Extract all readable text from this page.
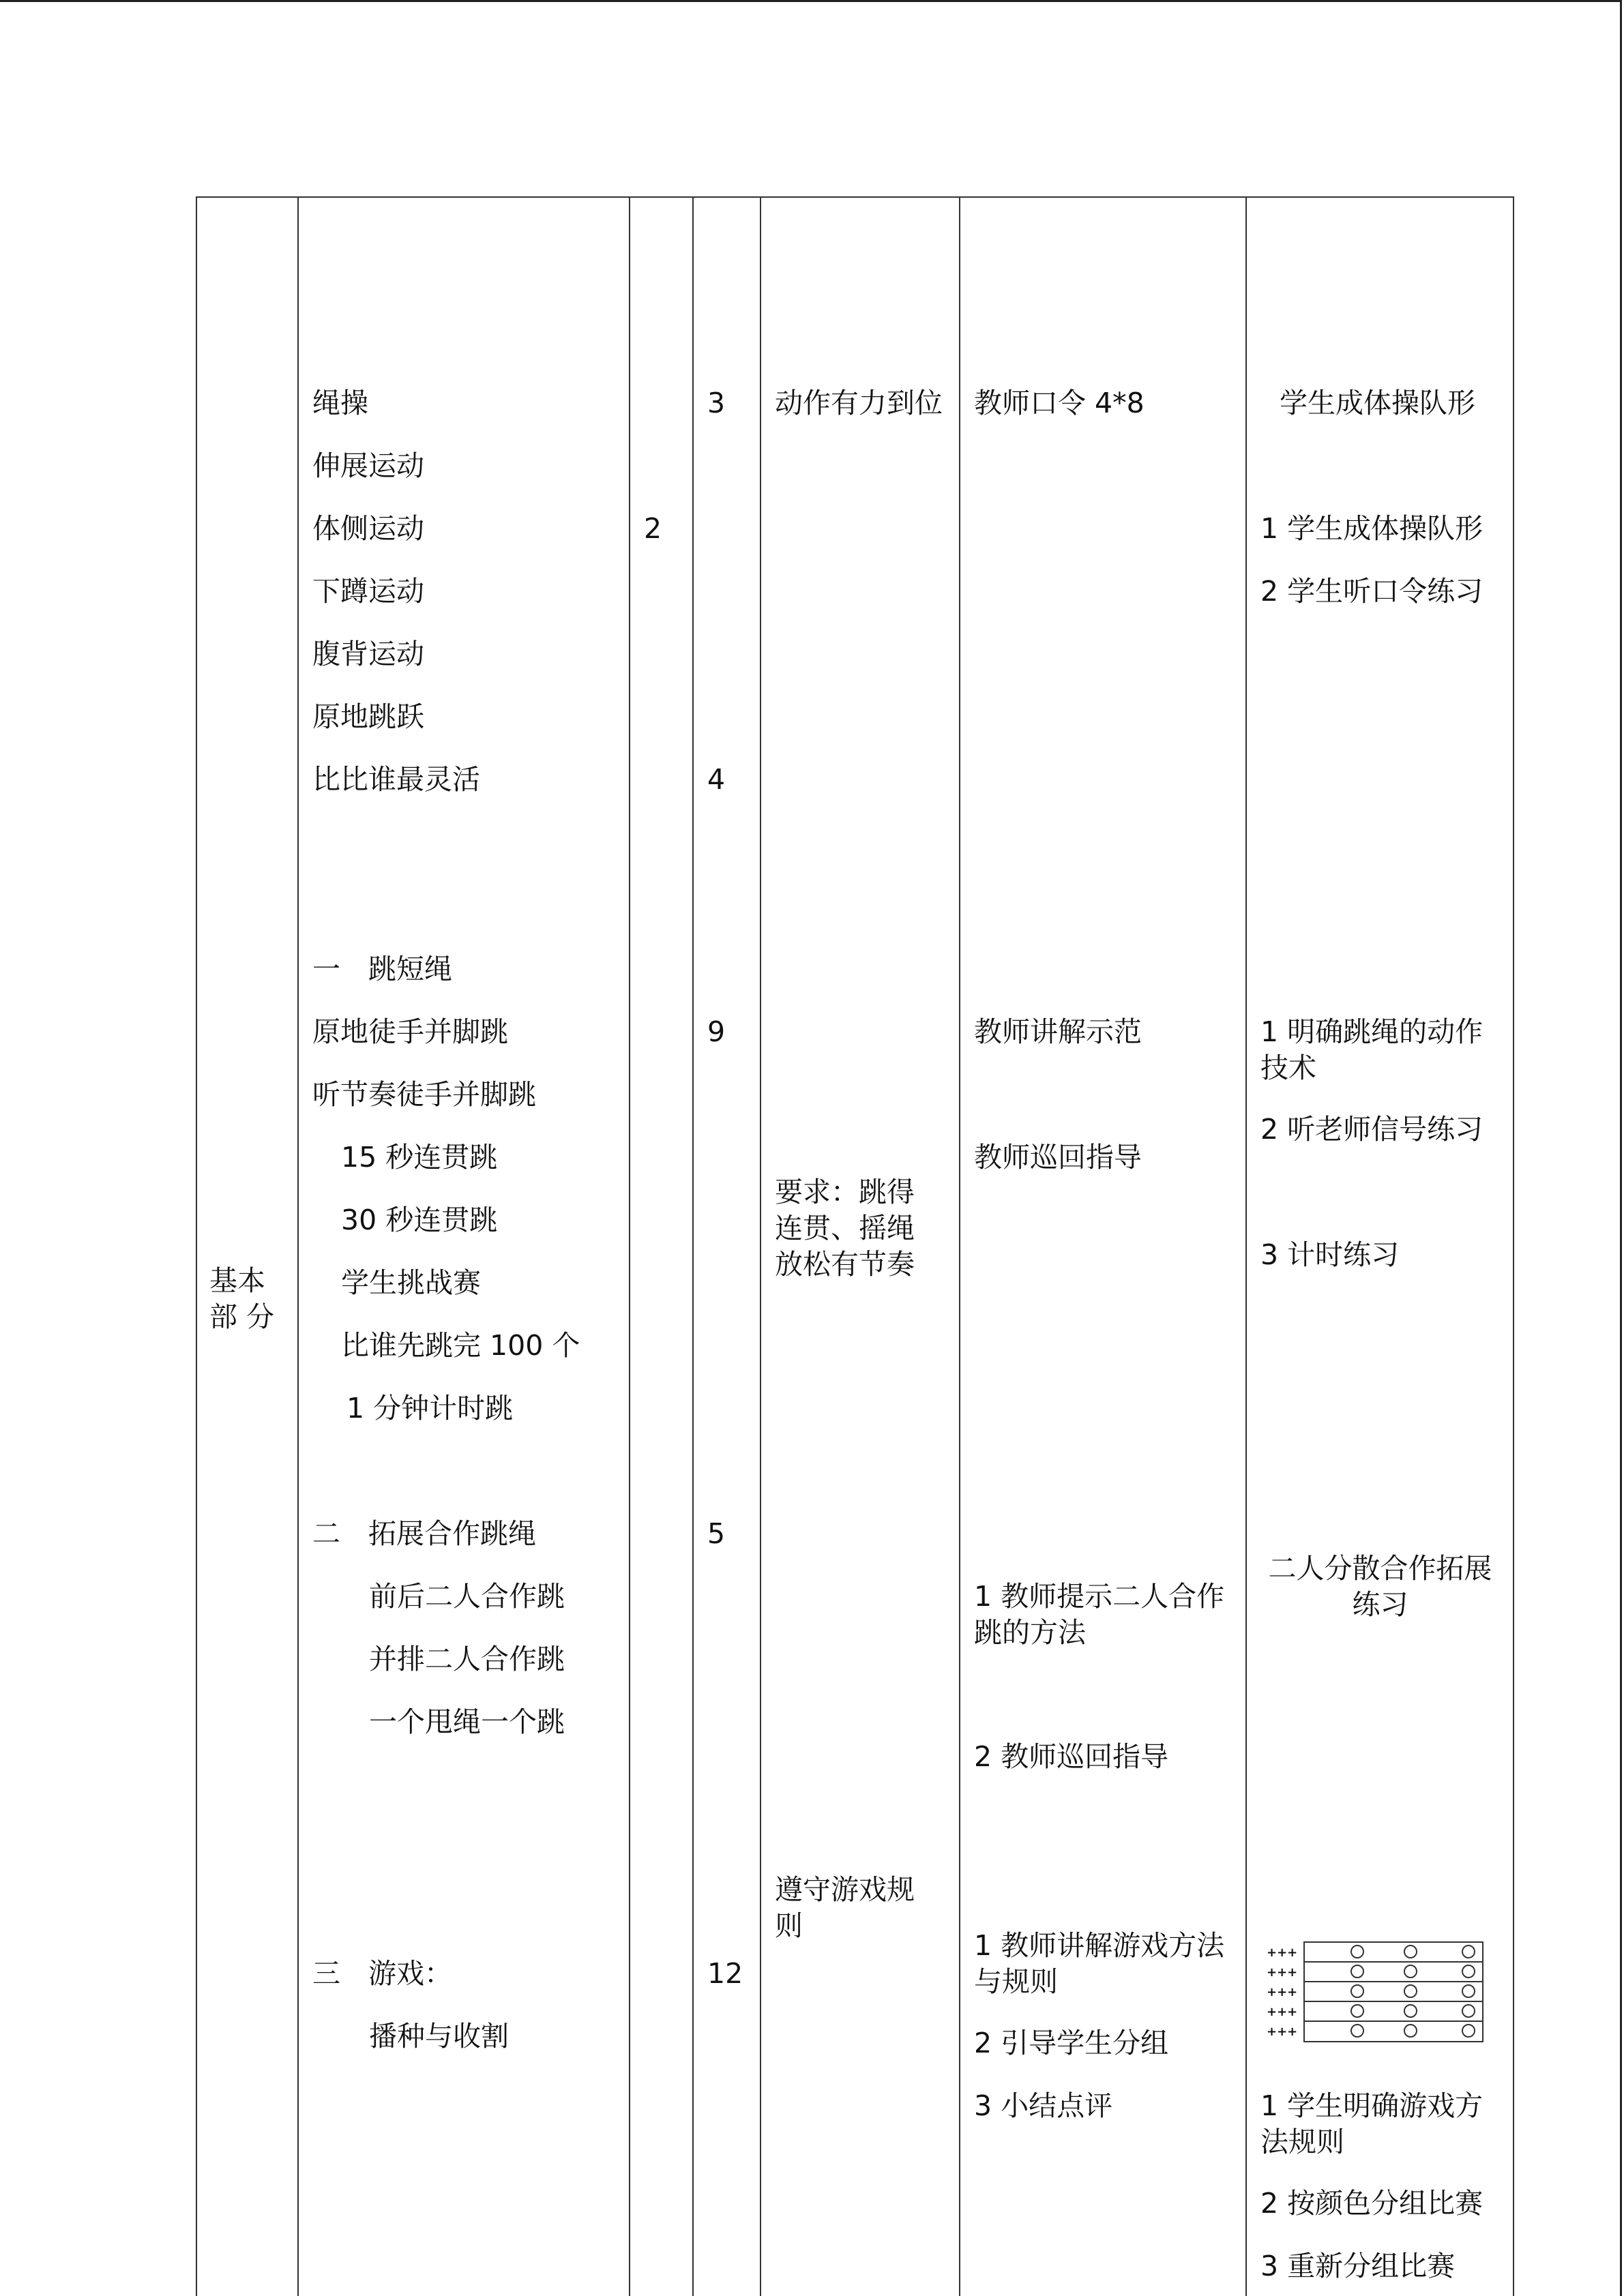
基本
部 分
绳操
伸展运动
体侧运动
下蹲运动
腹背运动
原地跳跃
比比谁最灵活
一　跳短绳
原地徒手并脚跳
听节奏徒手并脚跳
15 秒连贯跳
30 秒连贯跳
学生挑战赛
比谁先跳完 100 个
1 分钟计时跳
二　拓展合作跳绳
前后二人合作跳
并排二人合作跳
一个甩绳一个跳
三　游戏：
播种与收割
2
3
4
9
5
12
动作有力到位
要求：跳得连贯、摇绳放松有节奏
遵守游戏规则
教师口令 4*8
教师讲解示范
教师巡回指导
1 教师提示二人合作跳的方法
2 教师巡回指导
1 教师讲解游戏方法与规则
2 引导学生分组
3 小结点评
学生成体操队形
1 学生成体操队形
2 学生听口令练习
1 明确跳绳的动作技术
2 听老师信号练习
3 计时练习
二人分散合作拓展练习
+++
+++
+++
+++
+++
1 学生明确游戏方法规则
2 按颜色分组比赛
3 重新分组比赛
